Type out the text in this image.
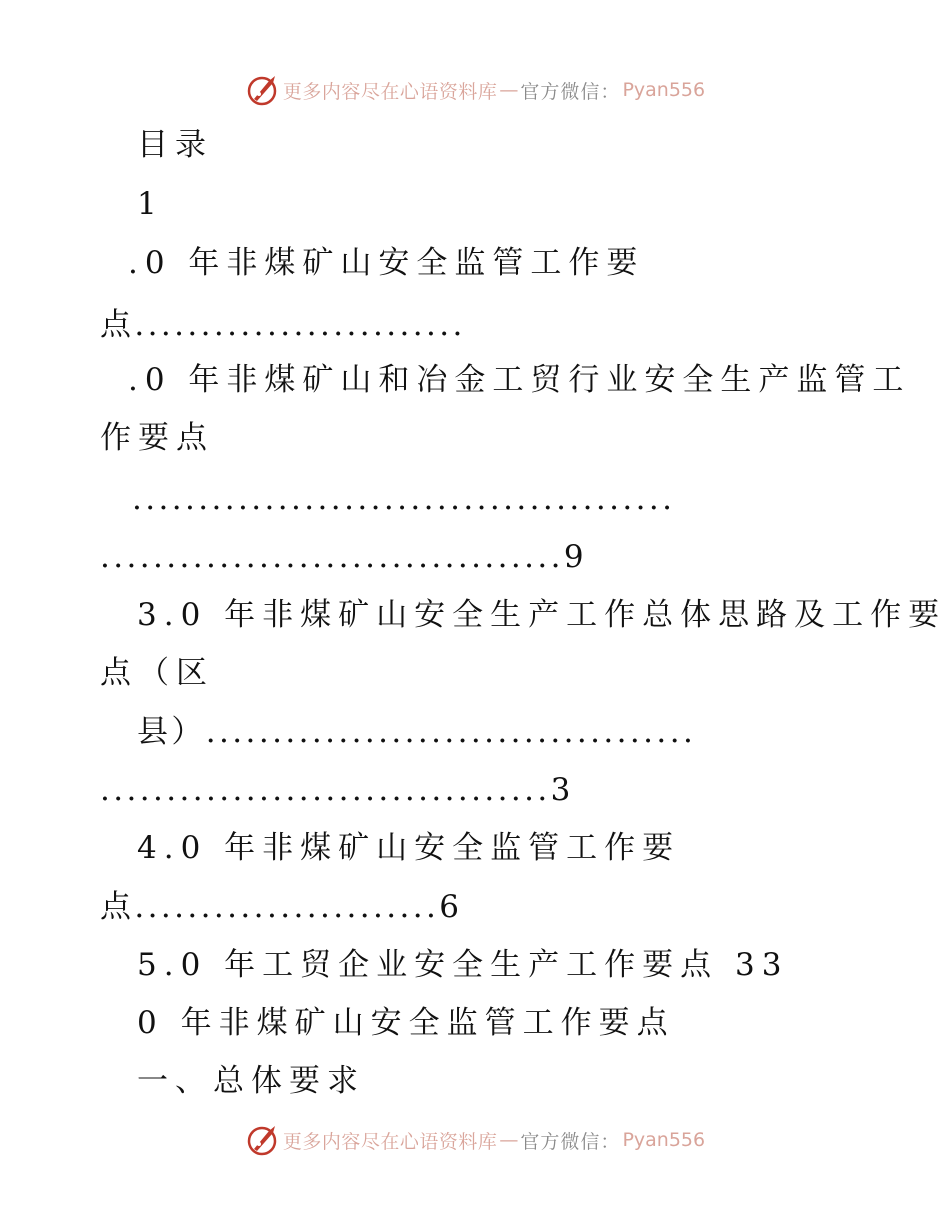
更多内容尽在心语资料库 — 官方微信： Pyan556
目录
1
.0 年非煤矿山安全监管工作要
点.........................
.0 年非煤矿山和冶金工贸行业安全生产监管工
作要点
.........................................
...................................9
3.0 年非煤矿山安全生产工作总体思路及工作要
点（区
县）.....................................
..................................3
4.0 年非煤矿山安全监管工作要
点.......................6
5.0 年工贸企业安全生产工作要点 33
0 年非煤矿山安全监管工作要点
一、总体要求
更多内容尽在心语资料库 — 官方微信： Pyan556
